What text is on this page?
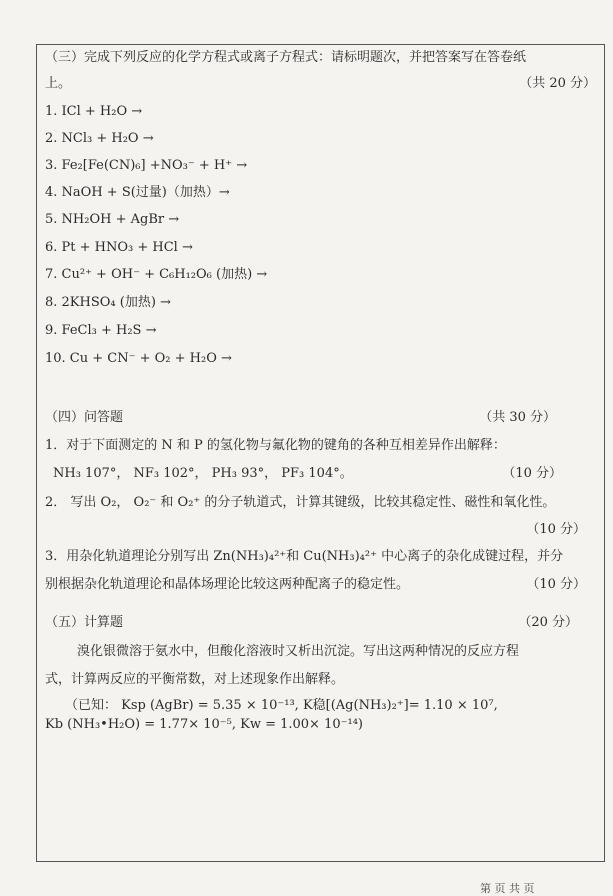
（三）完成下列反应的化学方程式或离子方程式：请标明题次，并把答案写在答卷纸
上。	（共 20 分）
1. ICl + H₂O →
2. NCl₃ + H₂O →
3. Fe₂[Fe(CN)₆] +NO₃⁻ + H⁺ →
4. NaOH + S(过量)（加热）→
5. NH₂OH + AgBr →
6. Pt + HNO₃ + HCl →
7. Cu²⁺ + OH⁻ + C₆H₁₂O₆ (加热) →
8. 2KHSO₄ (加热) →
9. FeCl₃ + H₂S →
10. Cu + CN⁻ + O₂ + H₂O →
（四）问答题	（共 30 分）
1．对于下面测定的 N 和 P 的氢化物与氟化物的键角的各种互相差异作出解释：
NH₃ 107°， NF₃ 102°， PH₃ 93°， PF₃ 104°。	（10 分）
2． 写出 O₂， O₂⁻ 和 O₂⁺ 的分子轨道式，计算其键级，比较其稳定性、磁性和氧化性。
（10 分）
3．用杂化轨道理论分别写出 Zn(NH₃)₄²⁺和 Cu(NH₃)₄²⁺ 中心离子的杂化成键过程，并分
别根据杂化轨道理论和晶体场理论比较这两种配离子的稳定性。	（10 分）
（五）计算题	（20 分）
溴化银微溶于氨水中，但酸化溶液时又析出沉淀。写出这两种情况的反应方程
式，计算两反应的平衡常数，对上述现象作出解释。
（已知： Ksp (AgBr) = 5.35 × 10⁻¹³, K稳[(Ag(NH₃)₂⁺]= 1.10 × 10⁷,
Kb (NH₃•H₂O) = 1.77× 10⁻⁵, Kw = 1.00× 10⁻¹⁴)
第 页 共 页
